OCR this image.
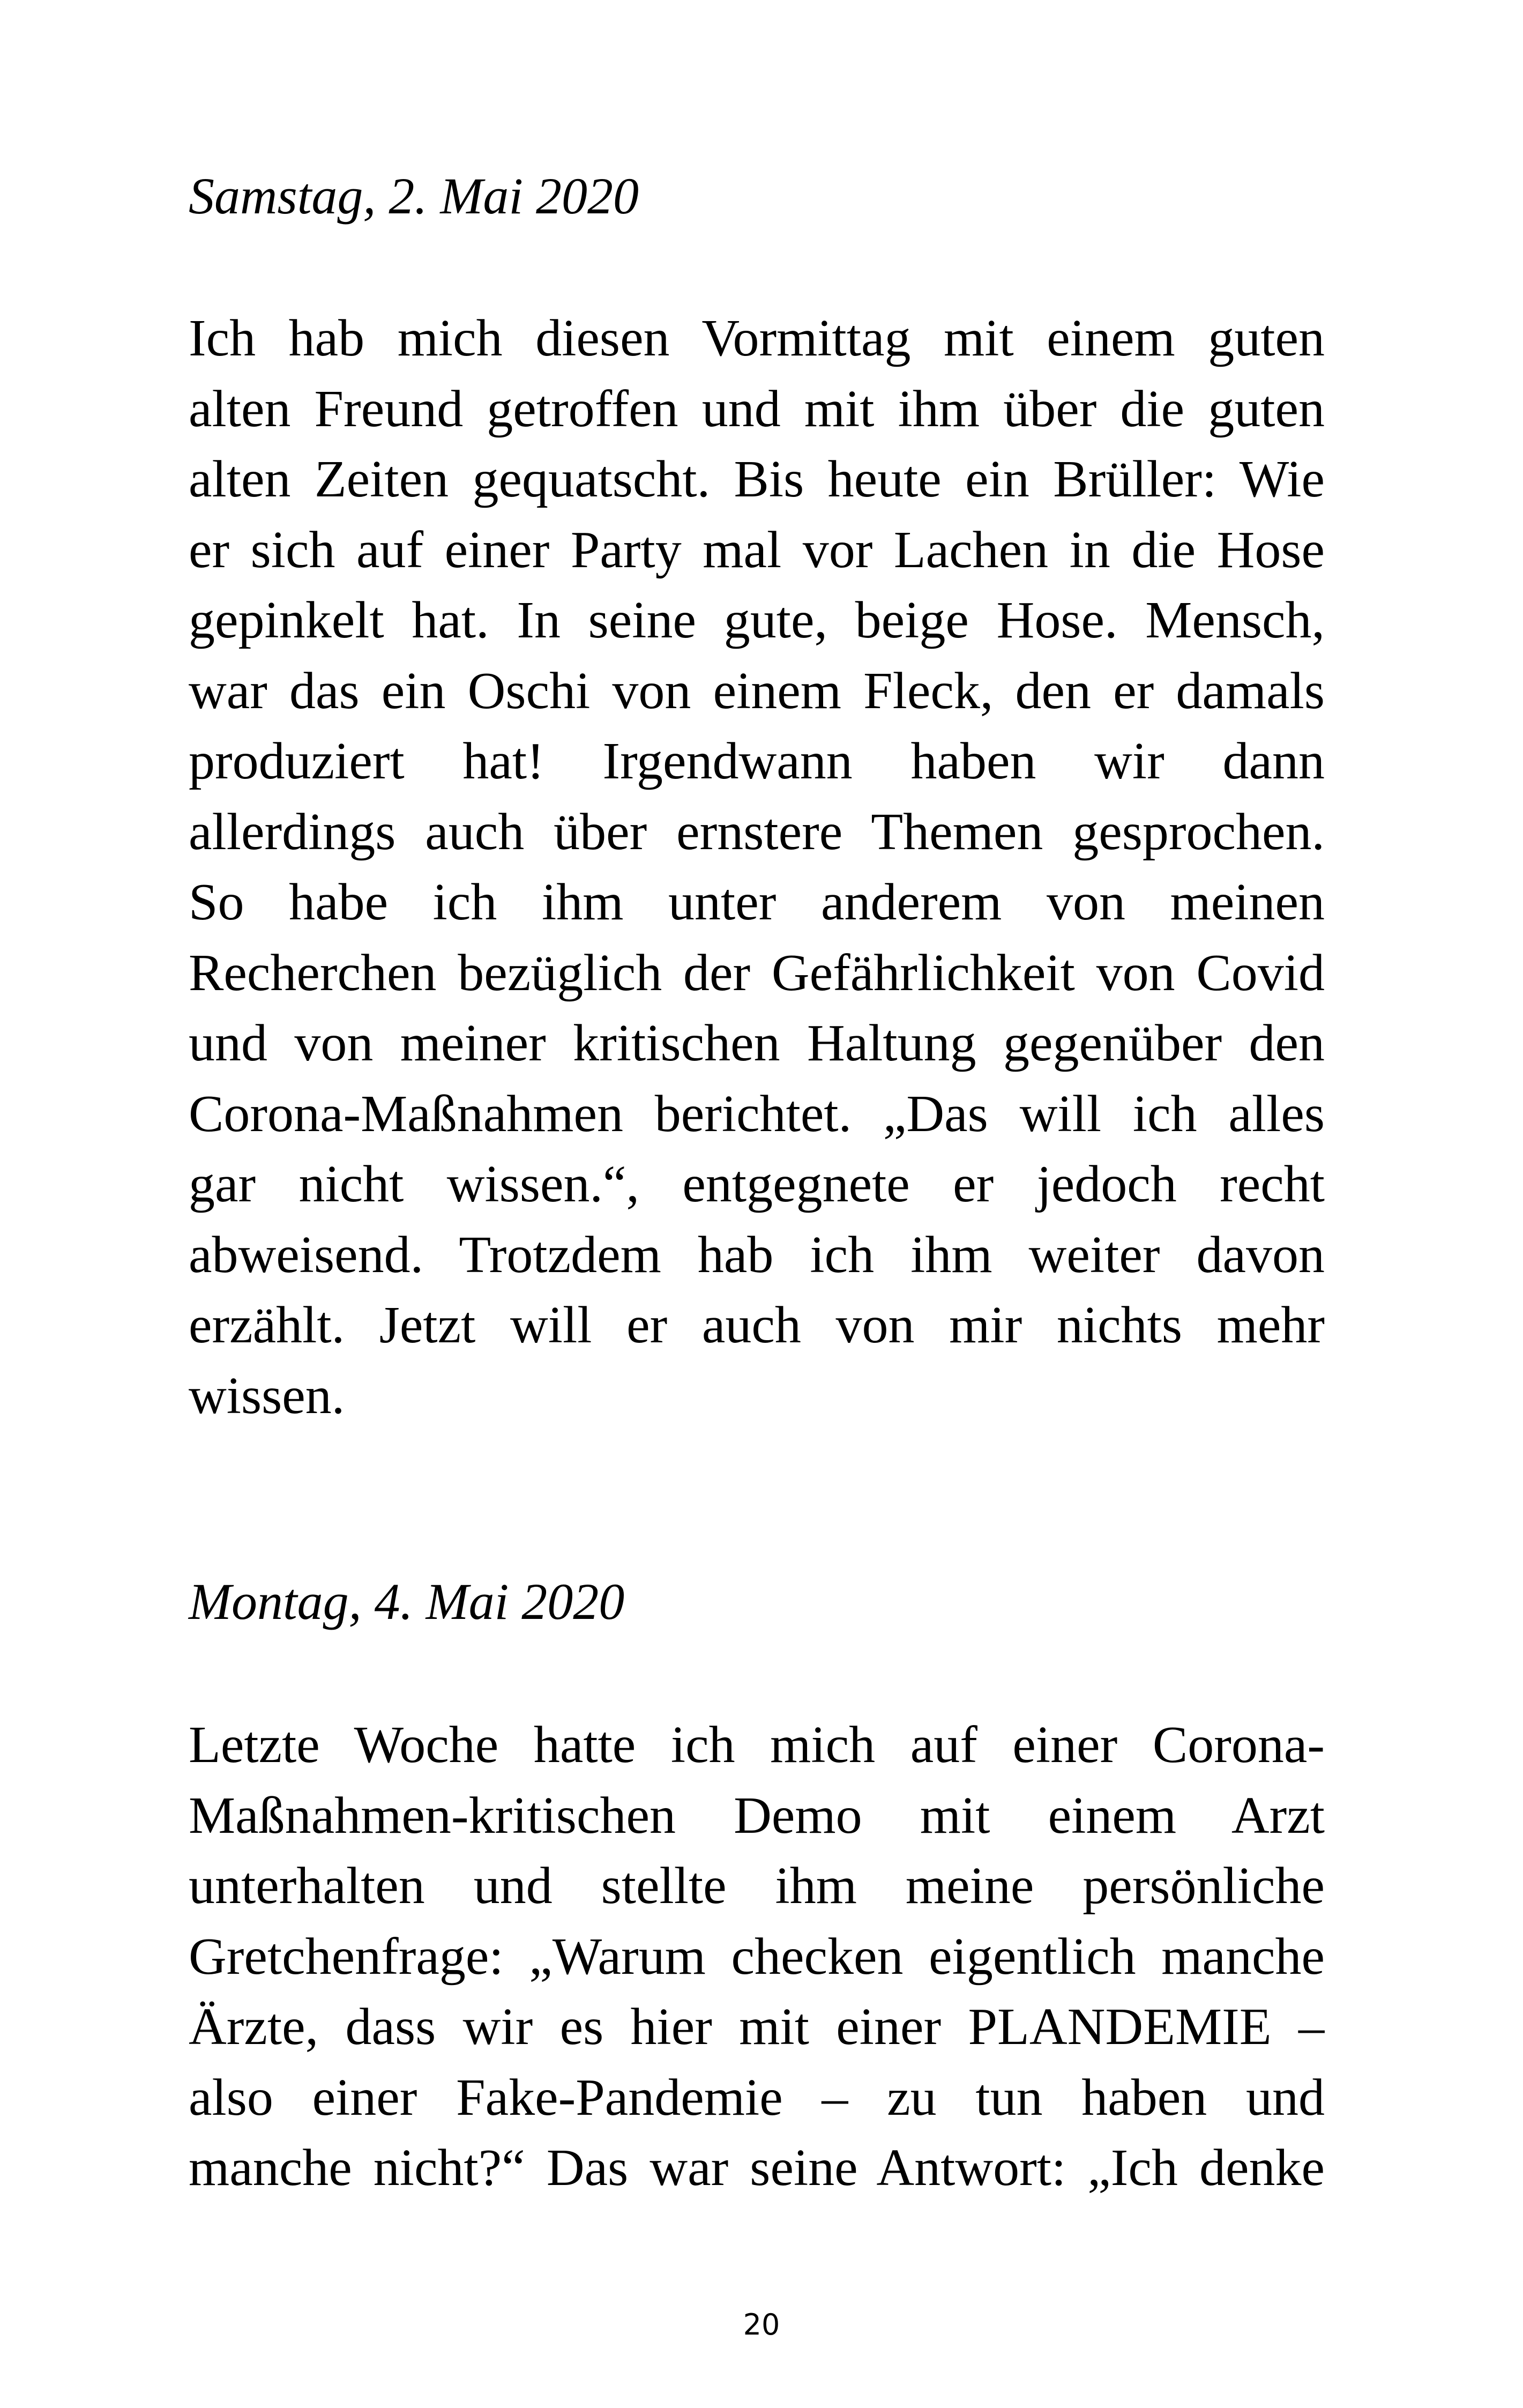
Samstag, 2. Mai 2020
Ich hab mich diesen Vormittag mit einem guten
alten Freund getroffen und mit ihm über die guten
alten Zeiten gequatscht. Bis heute ein Brüller: Wie
er sich auf einer Party mal vor Lachen in die Hose
gepinkelt hat. In seine gute, beige Hose. Mensch,
war das ein Oschi von einem Fleck, den er damals
produziert hat! Irgendwann haben wir dann
allerdings auch über ernstere Themen gesprochen.
So habe ich ihm unter anderem von meinen
Recherchen bezüglich der Gefährlichkeit von Covid
und von meiner kritischen Haltung gegenüber den
Corona-Maßnahmen berichtet. „Das will ich alles
gar nicht wissen.“, entgegnete er jedoch recht
abweisend. Trotzdem hab ich ihm weiter davon
erzählt. Jetzt will er auch von mir nichts mehr
wissen.
Montag, 4. Mai 2020
Letzte Woche hatte ich mich auf einer Corona-
Maßnahmen-kritischen Demo mit einem Arzt
unterhalten und stellte ihm meine persönliche
Gretchenfrage: „Warum checken eigentlich manche
Ärzte, dass wir es hier mit einer PLANDEMIE –
also einer Fake-Pandemie – zu tun haben und
manche nicht?“ Das war seine Antwort: „Ich denke
20
